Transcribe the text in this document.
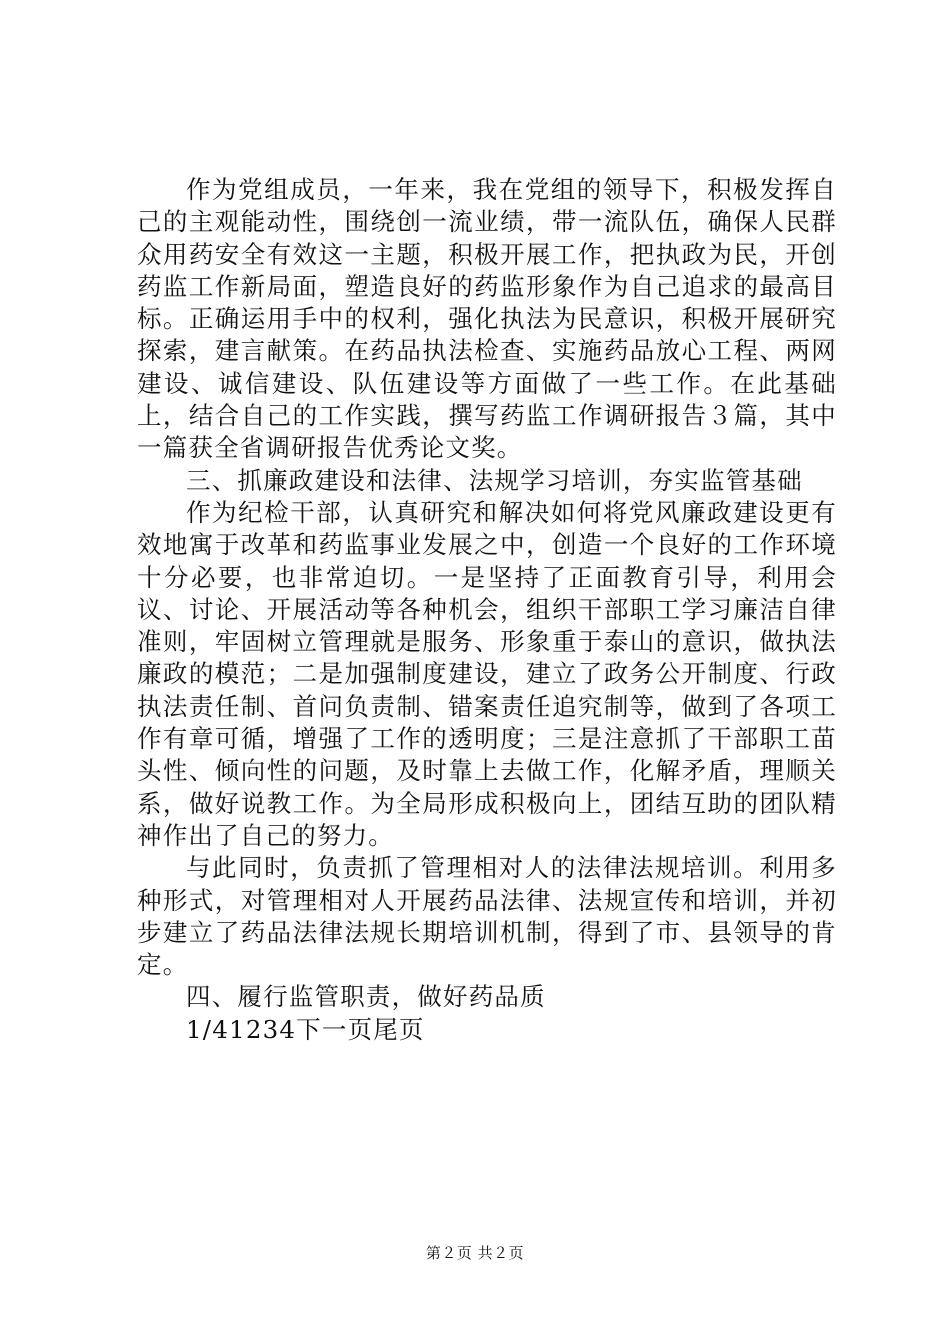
作为党组成员，一年来，我在党组的领导下，积极发挥自己的主观能动性，围绕创一流业绩，带一流队伍，确保人民群众用药安全有效这一主题，积极开展工作，把执政为民，开创药监工作新局面，塑造良好的药监形象作为自己追求的最高目标。正确运用手中的权利，强化执法为民意识，积极开展研究探索，建言献策。在药品执法检查、实施药品放心工程、两网建设、诚信建设、队伍建设等方面做了一些工作。在此基础上，结合自己的工作实践，撰写药监工作调研报告３篇，其中一篇获全省调研报告优秀论文奖。

三、抓廉政建设和法律、法规学习培训，夯实监管基础

作为纪检干部，认真研究和解决如何将党风廉政建设更有效地寓于改革和药监事业发展之中，创造一个良好的工作环境十分必要，也非常迫切。一是坚持了正面教育引导，利用会议、讨论、开展活动等各种机会，组织干部职工学习廉洁自律准则，牢固树立管理就是服务、形象重于泰山的意识，做执法廉政的模范；二是加强制度建设，建立了政务公开制度、行政执法责任制、首问负责制、错案责任追究制等，做到了各项工作有章可循，增强了工作的透明度；三是注意抓了干部职工苗头性、倾向性的问题，及时靠上去做工作，化解矛盾，理顺关系，做好说教工作。为全局形成积极向上，团结互助的团队精神作出了自己的努力。

与此同时，负责抓了管理相对人的法律法规培训。利用多种形式，对管理相对人开展药品法律、法规宣传和培训，并初步建立了药品法律法规长期培训机制，得到了市、县领导的肯定。

四、履行监管职责，做好药品质

1/41234下一页尾页

第２页 共２页
